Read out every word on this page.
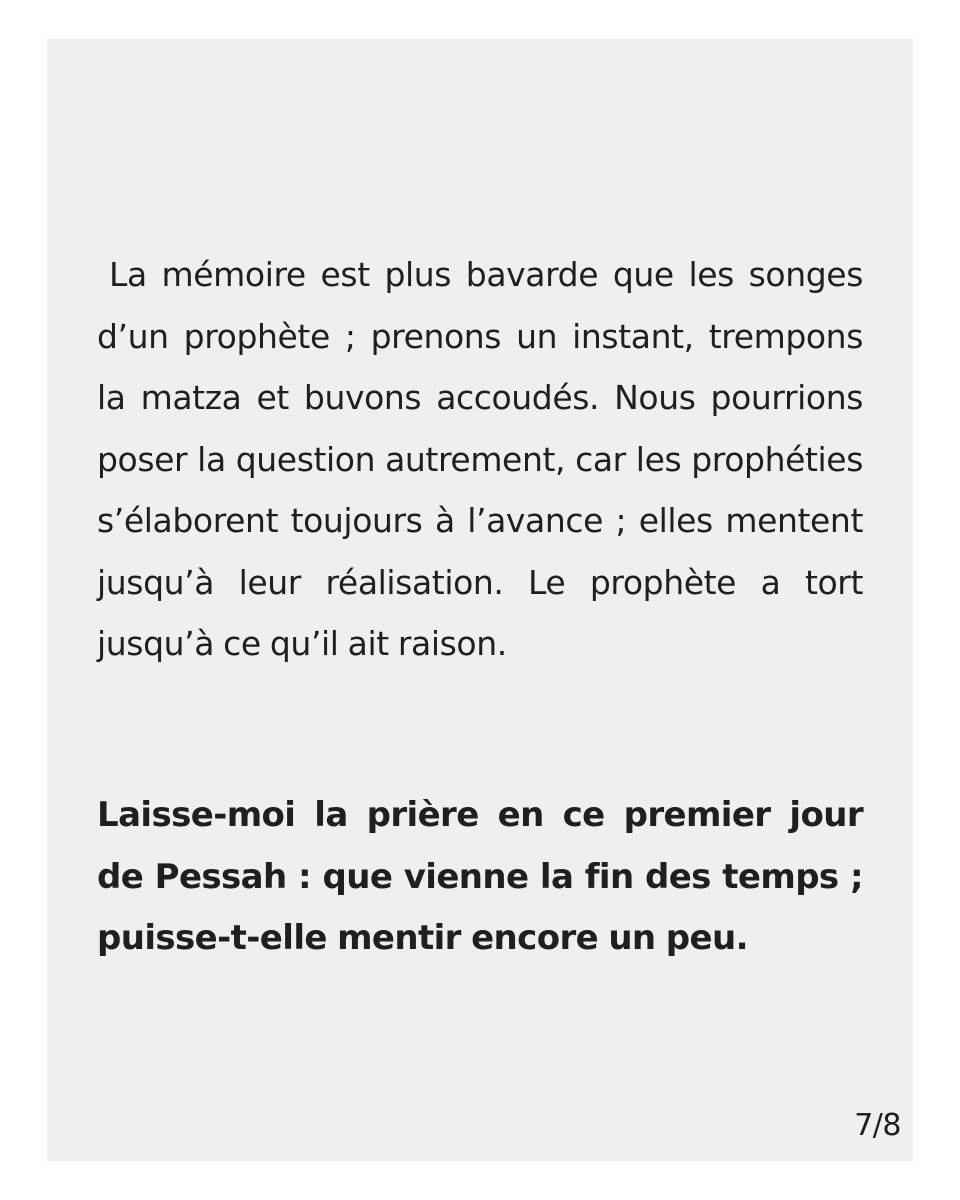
La mémoire est plus bavarde que les songes d’un prophète ; prenons un instant, trempons la matza et buvons accoudés. Nous pourrions poser la question autrement, car les prophéties s’élaborent toujours à l’avance ; elles mentent jusqu’à leur réalisation. Le prophète a tort jusqu’à ce qu’il ait raison.

Laisse-moi la prière en ce premier jour de Pessah : que vienne la fin des temps ; puisse-t-elle mentir encore un peu.

7/8
